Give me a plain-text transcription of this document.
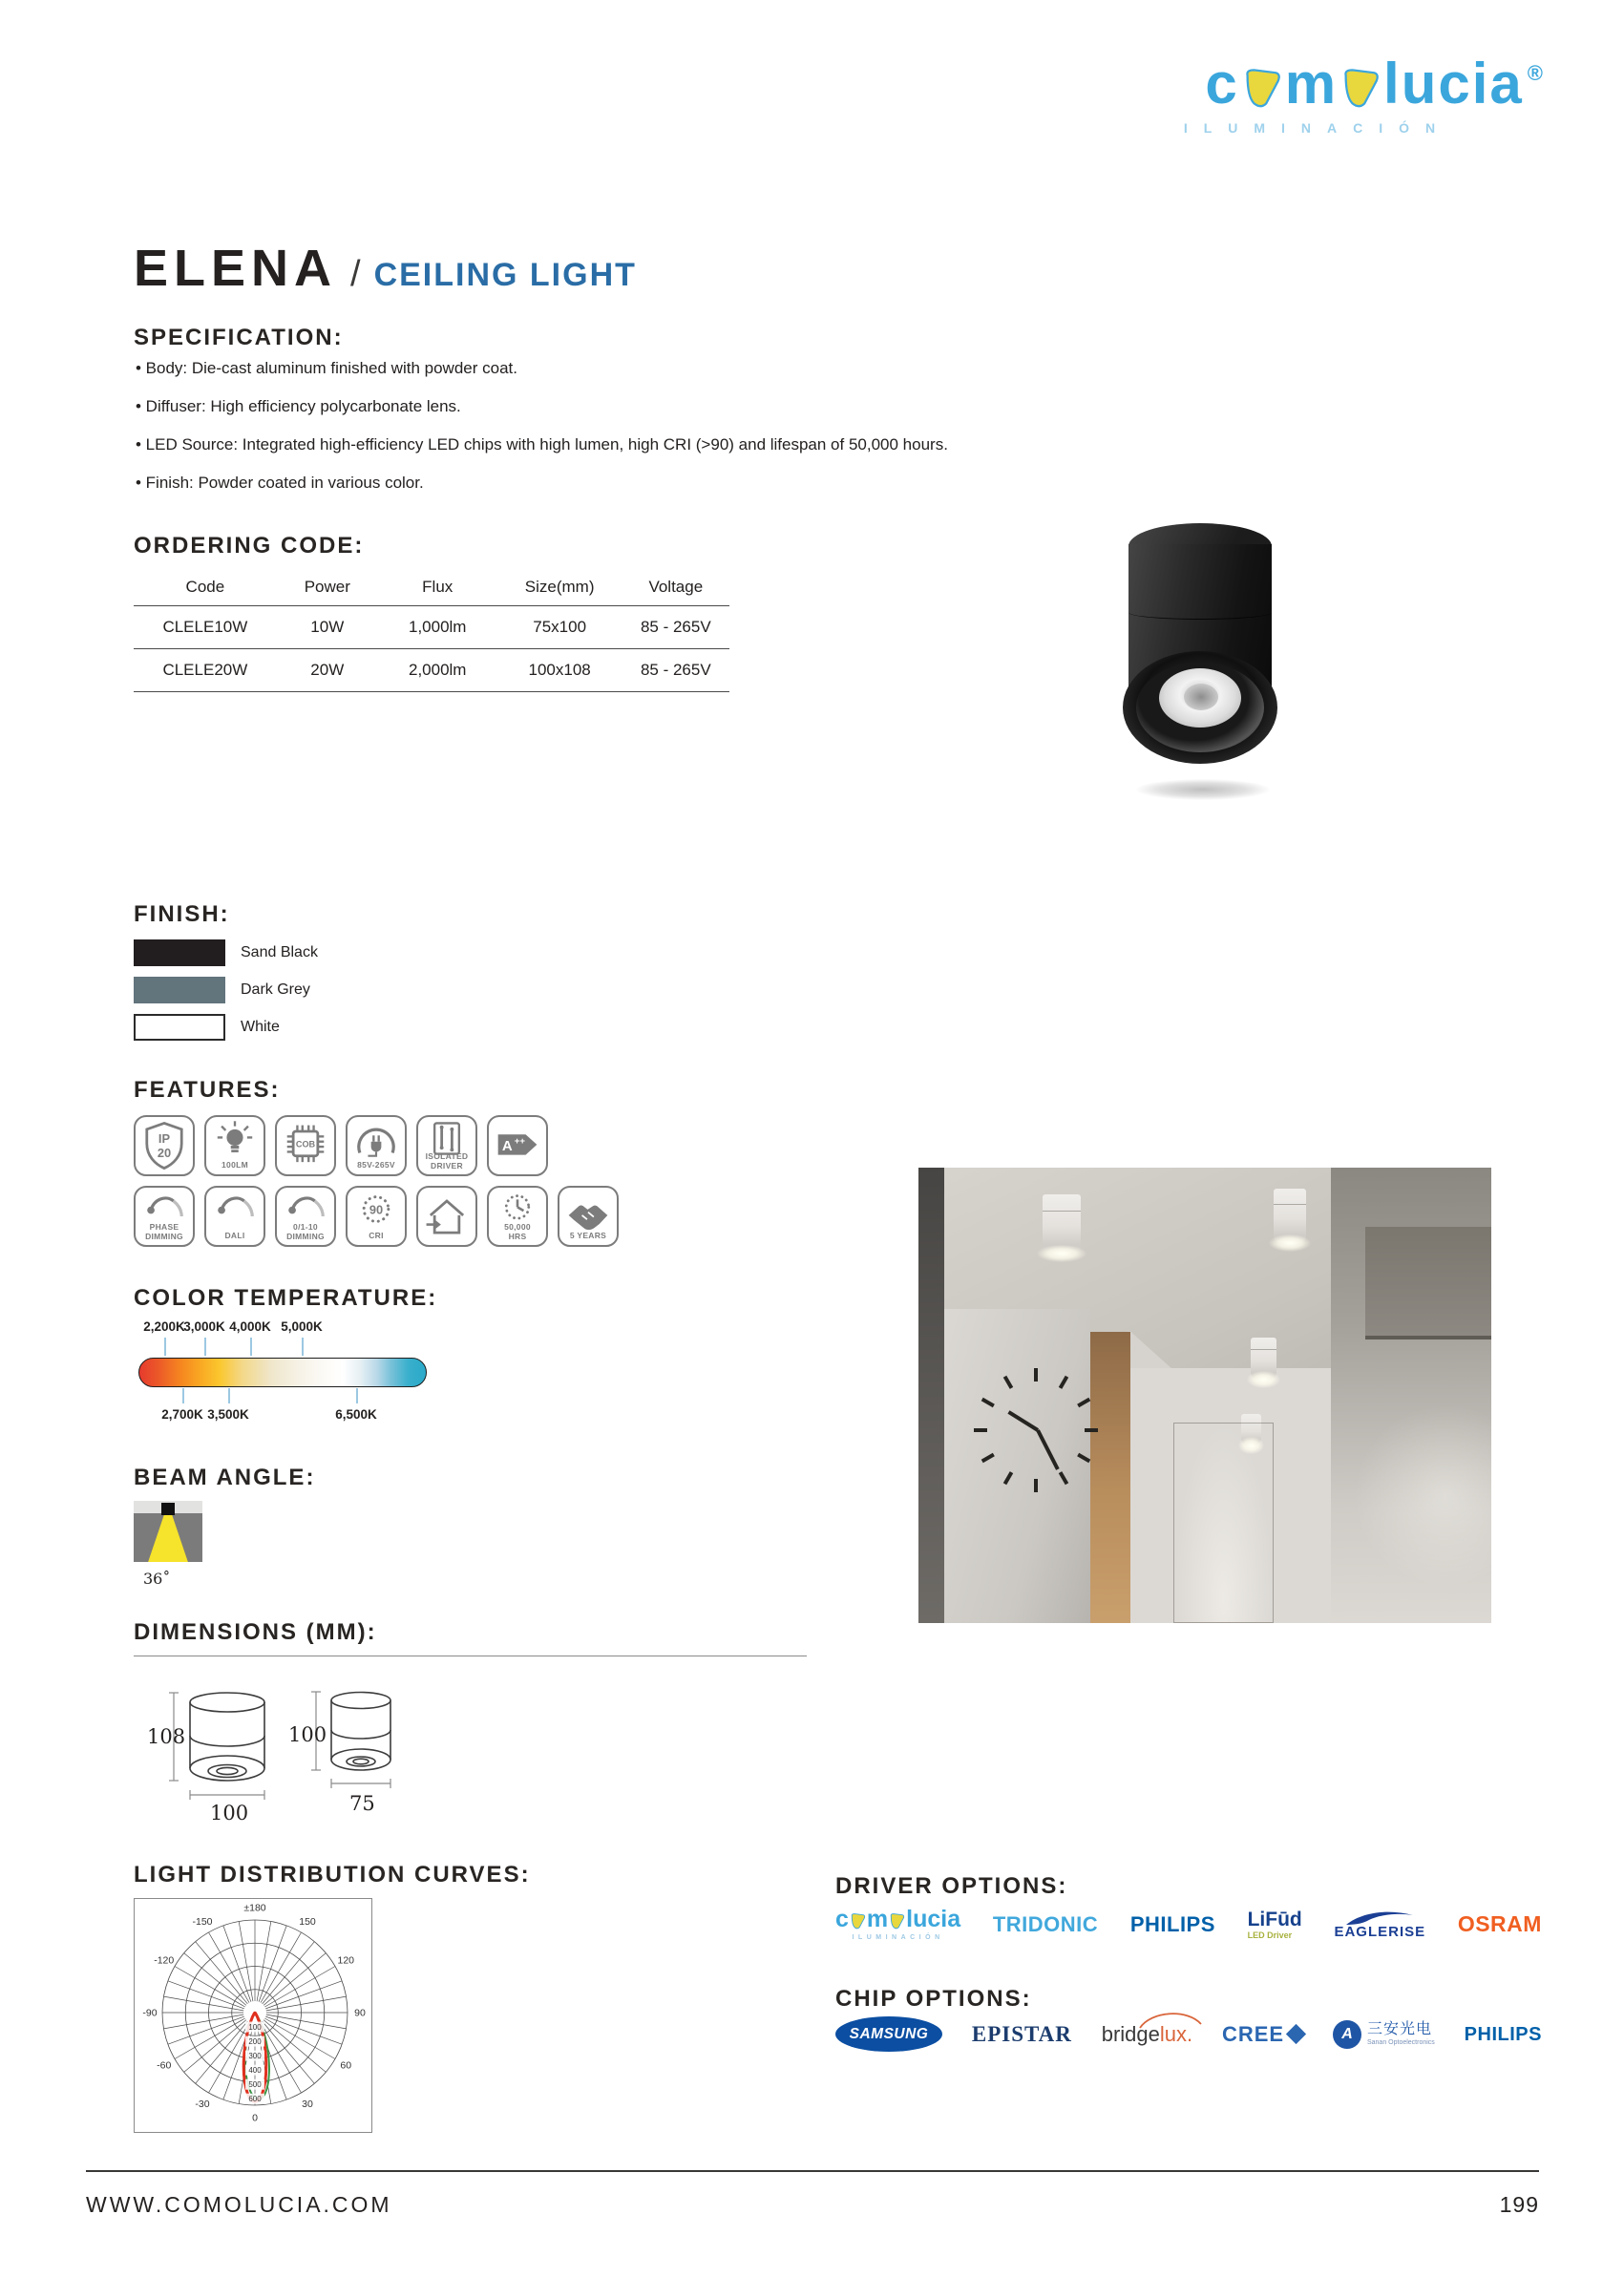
c m lucia ®
ILUMINACIÓN
ELENA / CEILING LIGHT
SPECIFICATION:
• Body: Die-cast aluminum finished with powder coat.
• Diffuser: High efficiency polycarbonate lens.
• LED Source: Integrated high-efficiency LED chips with high lumen, high CRI (>90) and lifespan of 50,000 hours.
• Finish: Powder coated in various color.
ORDERING CODE:
Code	Power	Flux	Size(mm)	Voltage
CLELE10W	10W	1,000lm	75x100	85 - 265V
CLELE20W	20W	2,000lm	100x108	85 - 265V
FINISH:
Sand Black
Dark Grey
White
FEATURES:
IP
20
100LM
COB
85V-265V
ISOLATED
DRIVER
A ++
PHASE
DIMMING	DALI
0/1-10
DIMMING
90
CRI
50,000
HRS	5 YEARS
COLOR TEMPERATURE:
2,200K
3,000K 4,000K 5,000K
2,700K 3,500K	6,500K
BEAM ANGLE:
36˚
DIMENSIONS (MM):
108
100
100
75
LIGHT DISTRIBUTION CURVES:
100
200
300
400
500
600
±180
150
-150
120
-120
90
-90
60
-60
30
-30
0
DRIVER OPTIONS:
c m lucia
ILUMINACIÓN
TRIDONIC PHILIPS LiFūd
LED Driver	EAGLERISE OSRAM
CHIP OPTIONS:
SAMSUNG EPISTAR bridgelux. CREE	A 三安光电
Sanan Optoelectronics PHILIPS
WWW.COMOLUCIA.COM	199
